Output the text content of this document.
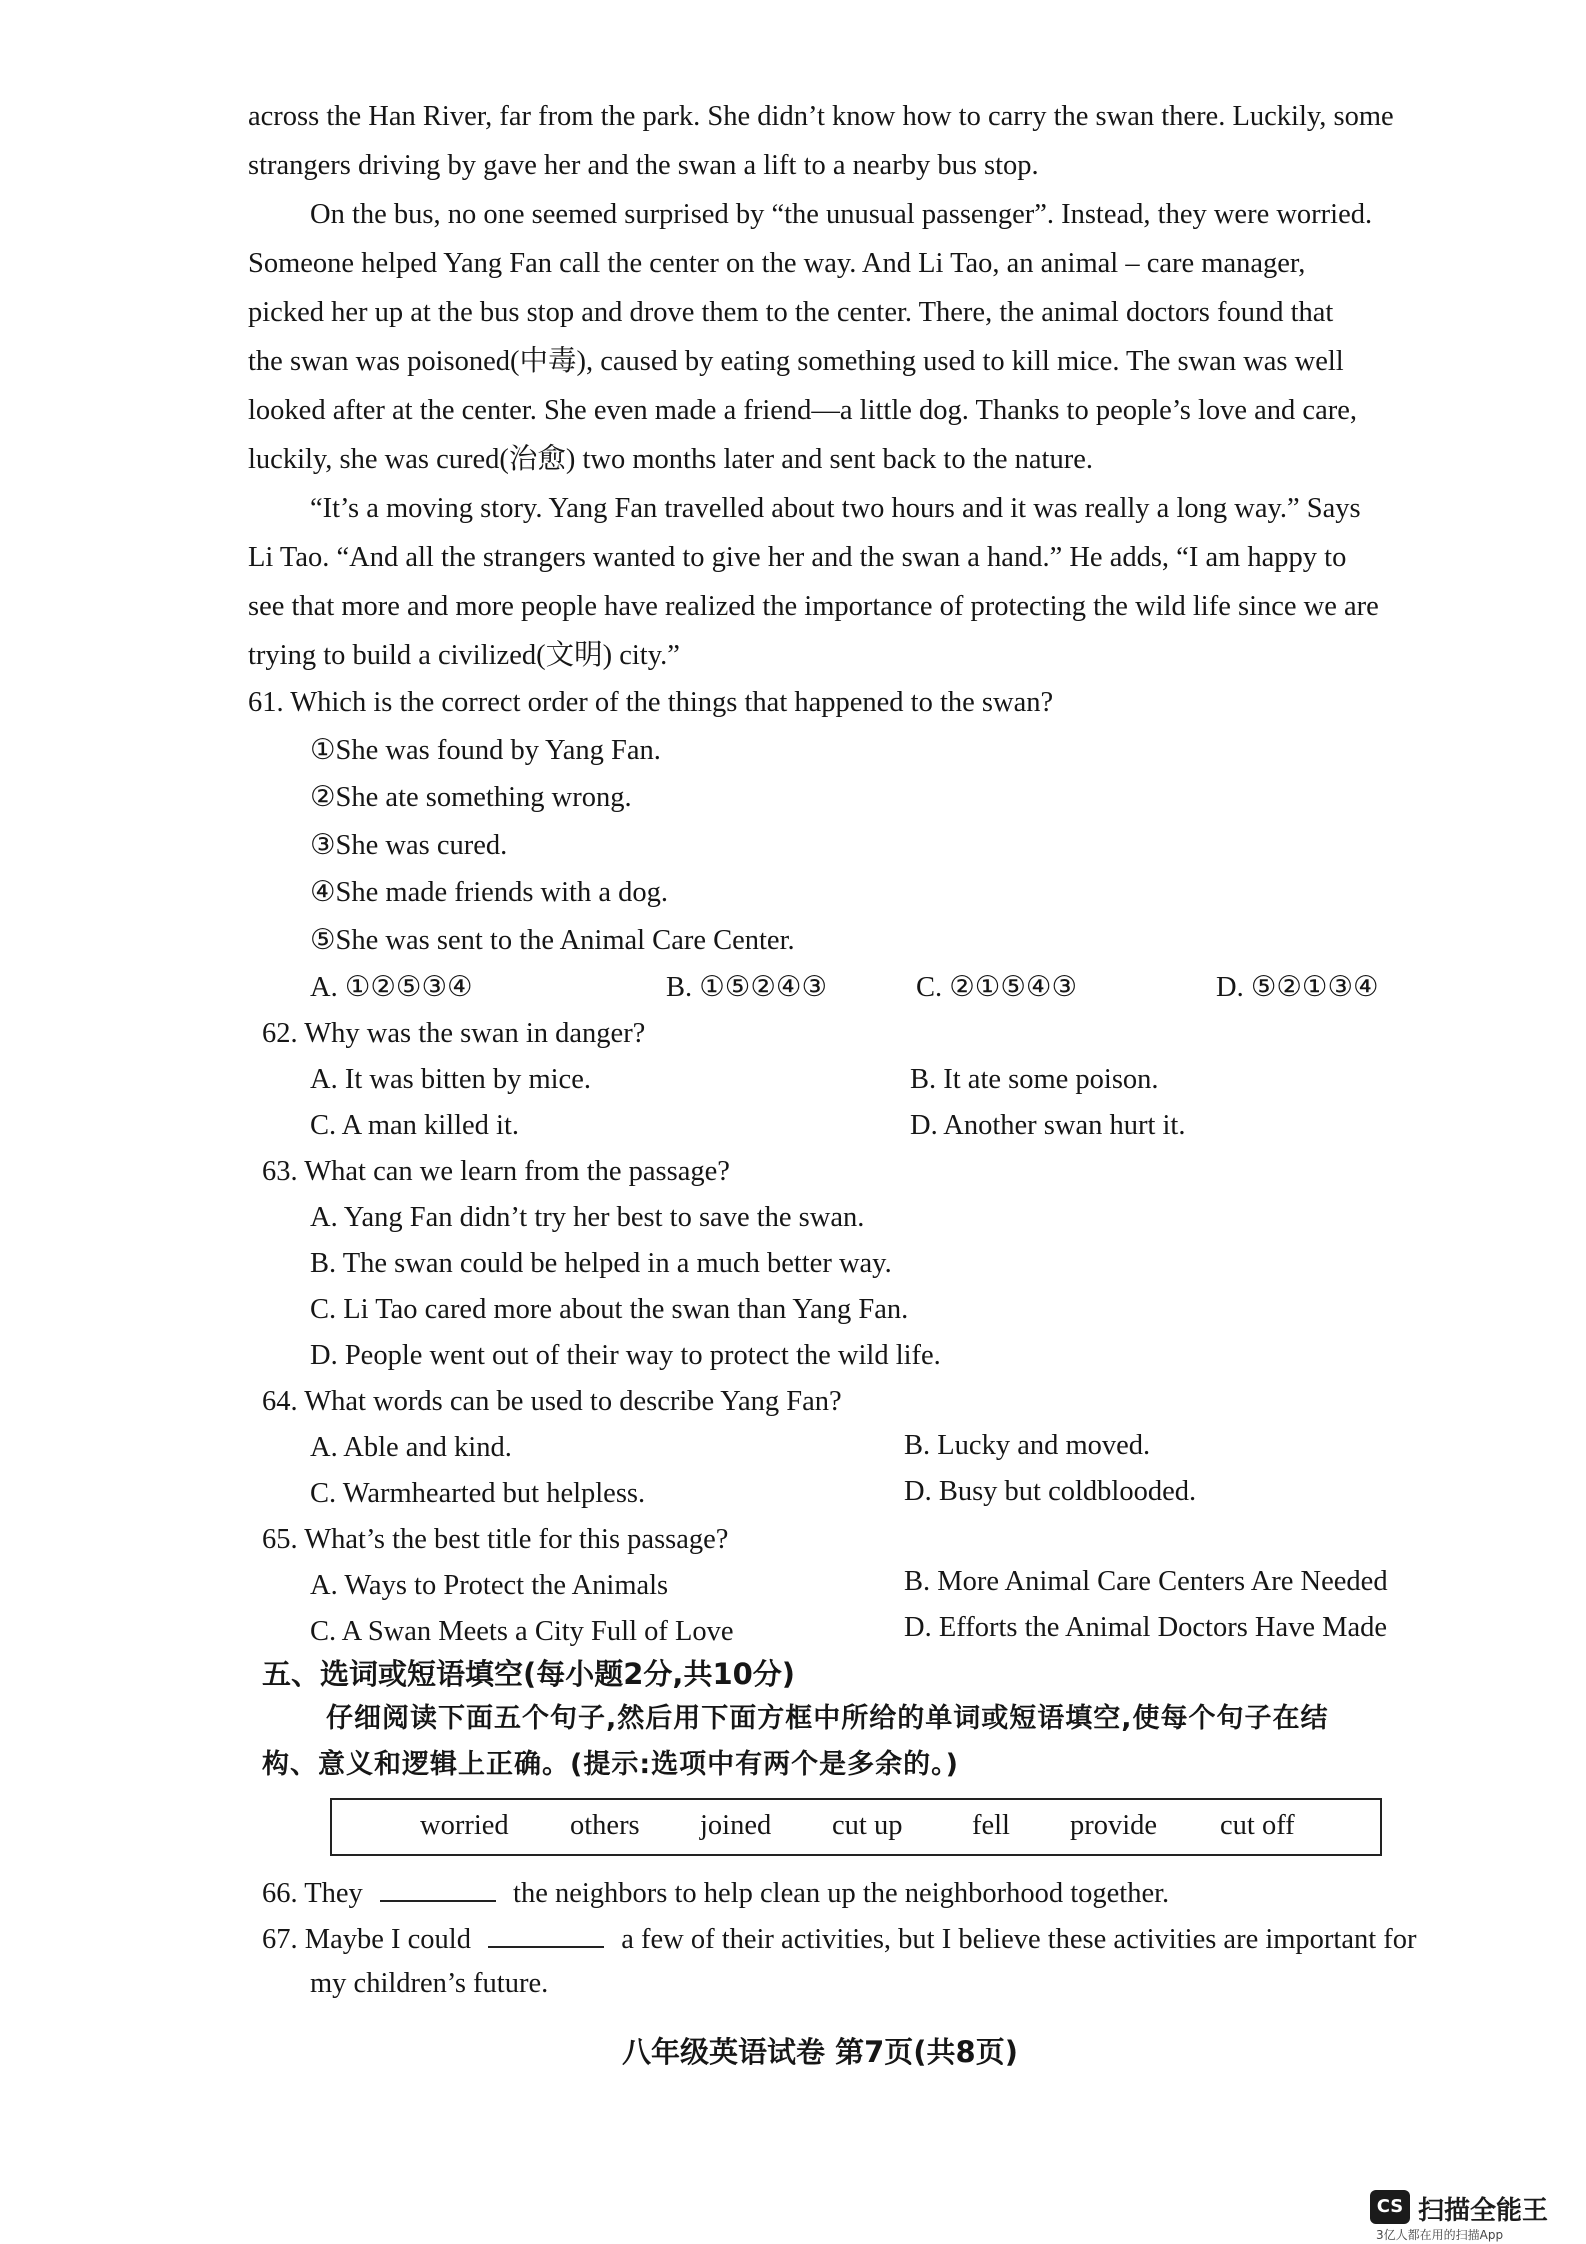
across the Han River, far from the park. She didn’t know how to carry the swan there. Luckily, some
strangers driving by gave her and the swan a lift to a nearby bus stop.
On the bus, no one seemed surprised by “the unusual passenger”. Instead, they were worried.
Someone helped Yang Fan call the center on the way. And Li Tao, an animal – care manager,
picked her up at the bus stop and drove them to the center. There, the animal doctors found that
the swan was poisoned(中毒), caused by eating something used to kill mice. The swan was well
looked after at the center. She even made a friend—a little dog. Thanks to people’s love and care,
luckily, she was cured(治愈) two months later and sent back to the nature.
“It’s a moving story. Yang Fan travelled about two hours and it was really a long way.” Says
Li Tao. “And all the strangers wanted to give her and the swan a hand.” He adds, “I am happy to
see that more and more people have realized the importance of protecting the wild life since we are
trying to build a civilized(文明) city.”
61. Which is the correct order of the things that happened to the swan?
①She was found by Yang Fan.
②She ate something wrong.
③She was cured.
④She made friends with a dog.
⑤She was sent to the Animal Care Center.
A. ①②⑤③④	B. ①⑤②④③	C. ②①⑤④③	D. ⑤②①③④
62. Why was the swan in danger?
A. It was bitten by mice.	B. It ate some poison.
C. A man killed it.	D. Another swan hurt it.
63. What can we learn from the passage?
A. Yang Fan didn’t try her best to save the swan.
B. The swan could be helped in a much better way.
C. Li Tao cared more about the swan than Yang Fan.
D. People went out of their way to protect the wild life.
64. What words can be used to describe Yang Fan?
A. Able and kind.	B. Lucky and moved.
C. Warmhearted but helpless.	D. Busy but coldblooded.
65. What’s the best title for this passage?
A. Ways to Protect the Animals	B. More Animal Care Centers Are Needed
C. A Swan Meets a City Full of Love	D. Efforts the Animal Doctors Have Made
五、选词或短语填空(每小题2分,共10分)
仔细阅读下面五个句子,然后用下面方框中所给的单词或短语填空,使每个句子在结
构、意义和逻辑上正确。(提示:选项中有两个是多余的。)
worried others joined cut up fell provide cut off
66. They	the neighbors to help clean up the neighborhood together.
67. Maybe I could	a few of their activities, but I believe these activities are important for
my children’s future.
八年级英语试卷 第7页(共8页)
CS 扫描全能王
3亿人都在用的扫描App
